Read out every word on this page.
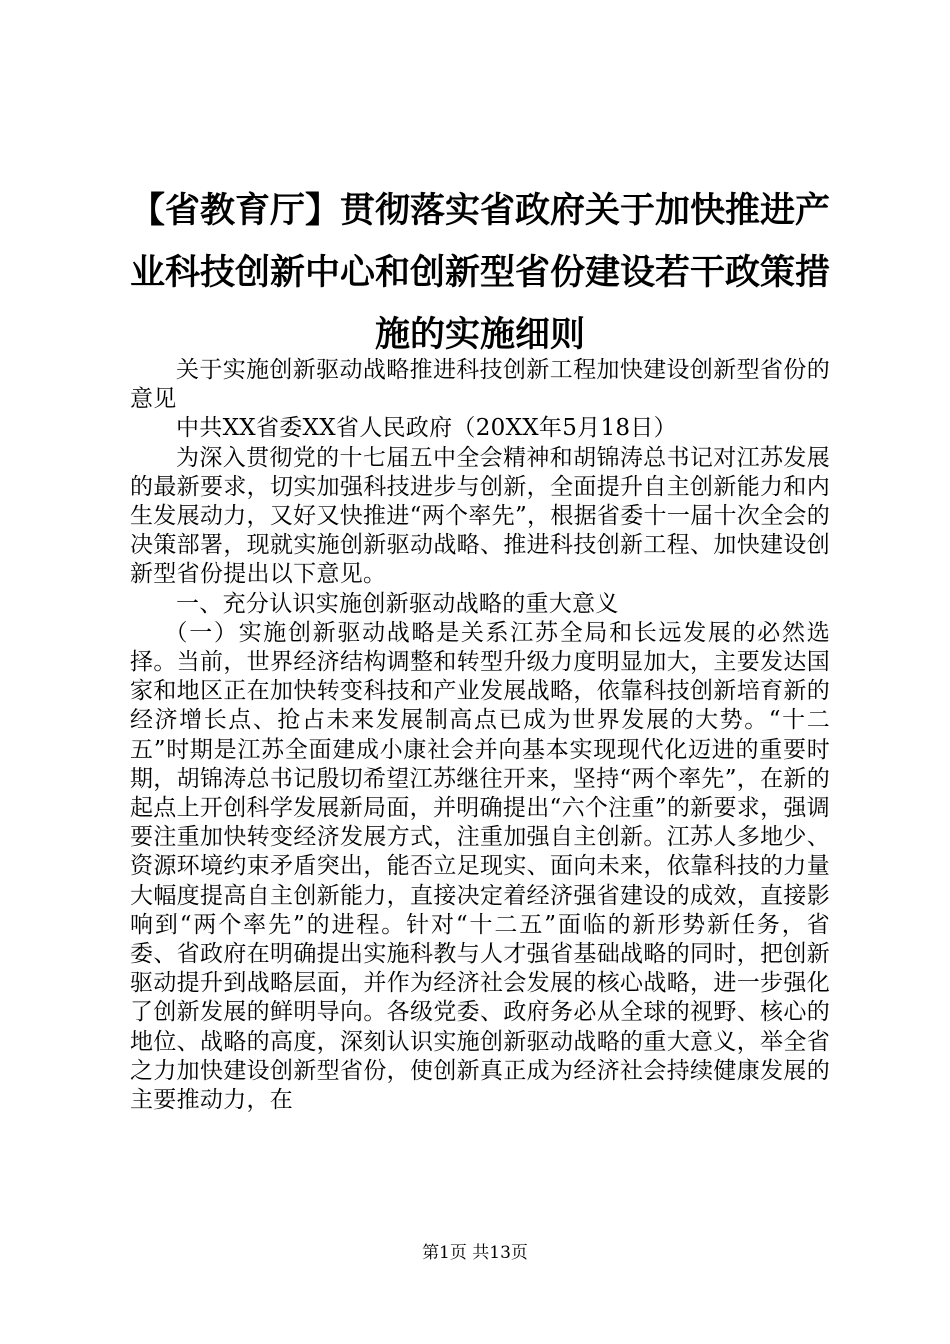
【省教育厅】贯彻落实省政府关于加快推进产业科技创新中心和创新型省份建设若干政策措施的实施细则

关于实施创新驱动战略推进科技创新工程加快建设创新型省份的意见

中共XX省委XX省人民政府（20XX年5月18日）

为深入贯彻党的十七届五中全会精神和胡锦涛总书记对江苏发展的最新要求，切实加强科技进步与创新，全面提升自主创新能力和内生发展动力，又好又快推进“两个率先”，根据省委十一届十次全会的决策部署，现就实施创新驱动战略、推进科技创新工程、加快建设创新型省份提出以下意见。

一、充分认识实施创新驱动战略的重大意义

（一）实施创新驱动战略是关系江苏全局和长远发展的必然选择。当前，世界经济结构调整和转型升级力度明显加大，主要发达国家和地区正在加快转变科技和产业发展战略，依靠科技创新培育新的经济增长点、抢占未来发展制高点已成为世界发展的大势。“十二五”时期是江苏全面建成小康社会并向基本实现现代化迈进的重要时期，胡锦涛总书记殷切希望江苏继往开来，坚持“两个率先”，在新的起点上开创科学发展新局面，并明确提出“六个注重”的新要求，强调要注重加快转变经济发展方式，注重加强自主创新。江苏人多地少、资源环境约束矛盾突出，能否立足现实、面向未来，依靠科技的力量大幅度提高自主创新能力，直接决定着经济强省建设的成效，直接影响到“两个率先”的进程。针对“十二五”面临的新形势新任务，省委、省政府在明确提出实施科教与人才强省基础战略的同时，把创新驱动提升到战略层面，并作为经济社会发展的核心战略，进一步强化了创新发展的鲜明导向。各级党委、政府务必从全球的视野、核心的地位、战略的高度，深刻认识实施创新驱动战略的重大意义，举全省之力加快建设创新型省份，使创新真正成为经济社会持续健康发展的主要推动力，在

第1页 共13页
